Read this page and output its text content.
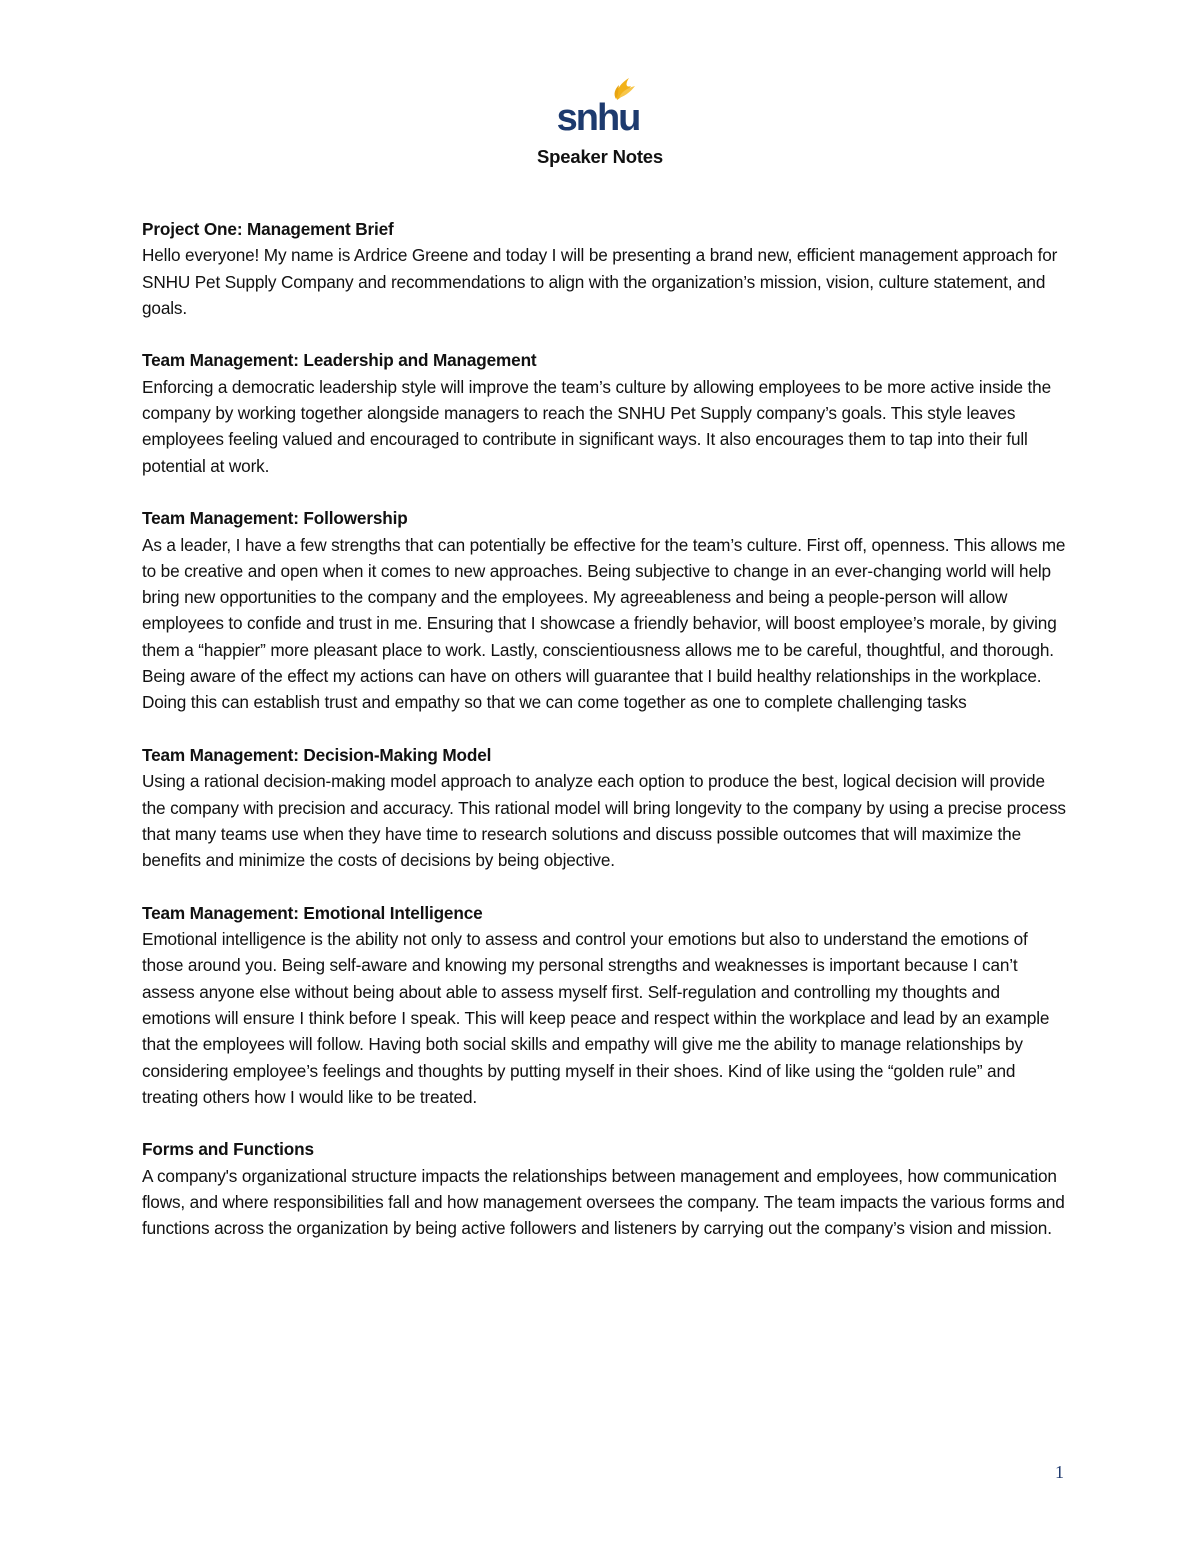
snhu
Speaker Notes
Project One: Management Brief
Hello everyone! My name is Ardrice Greene and today I will be presenting a brand new, efficient management approach for SNHU Pet Supply Company and recommendations to align with the organization’s mission, vision, culture statement, and goals.
Team Management: Leadership and Management
Enforcing a democratic leadership style will improve the team’s culture by allowing employees to be more active inside the company by working together alongside managers to reach the SNHU Pet Supply company’s goals. This style leaves employees feeling valued and encouraged to contribute in significant ways. It also encourages them to tap into their full potential at work.
Team Management: Followership
As a leader, I have a few strengths that can potentially be effective for the team’s culture. First off, openness. This allows me to be creative and open when it comes to new approaches. Being subjective to change in an ever-changing world will help bring new opportunities to the company and the employees. My agreeableness and being a people-person will allow employees to confide and trust in me. Ensuring that I showcase a friendly behavior, will boost employee’s morale, by giving them a “happier” more pleasant place to work. Lastly, conscientiousness allows me to be careful, thoughtful, and thorough. Being aware of the effect my actions can have on others will guarantee that I build healthy relationships in the workplace. Doing this can establish trust and empathy so that we can come together as one to complete challenging tasks
Team Management: Decision-Making Model
Using a rational decision-making model approach to analyze each option to produce the best, logical decision will provide the company with precision and accuracy. This rational model will bring longevity to the company by using a precise process that many teams use when they have time to research solutions and discuss possible outcomes that will maximize the benefits and minimize the costs of decisions by being objective.
Team Management: Emotional Intelligence
Emotional intelligence is the ability not only to assess and control your emotions but also to understand the emotions of those around you. Being self-aware and knowing my personal strengths and weaknesses is important because I can’t assess anyone else without being about able to assess myself first. Self-regulation and controlling my thoughts and emotions will ensure I think before I speak. This will keep peace and respect within the workplace and lead by an example that the employees will follow. Having both social skills and empathy will give me the ability to manage relationships by considering employee’s feelings and thoughts by putting myself in their shoes. Kind of like using the “golden rule” and treating others how I would like to be treated.
Forms and Functions
A company's organizational structure impacts the relationships between management and employees, how communication flows, and where responsibilities fall and how management oversees the company. The team impacts the various forms and functions across the organization by being active followers and listeners by carrying out the company’s vision and mission.
1
